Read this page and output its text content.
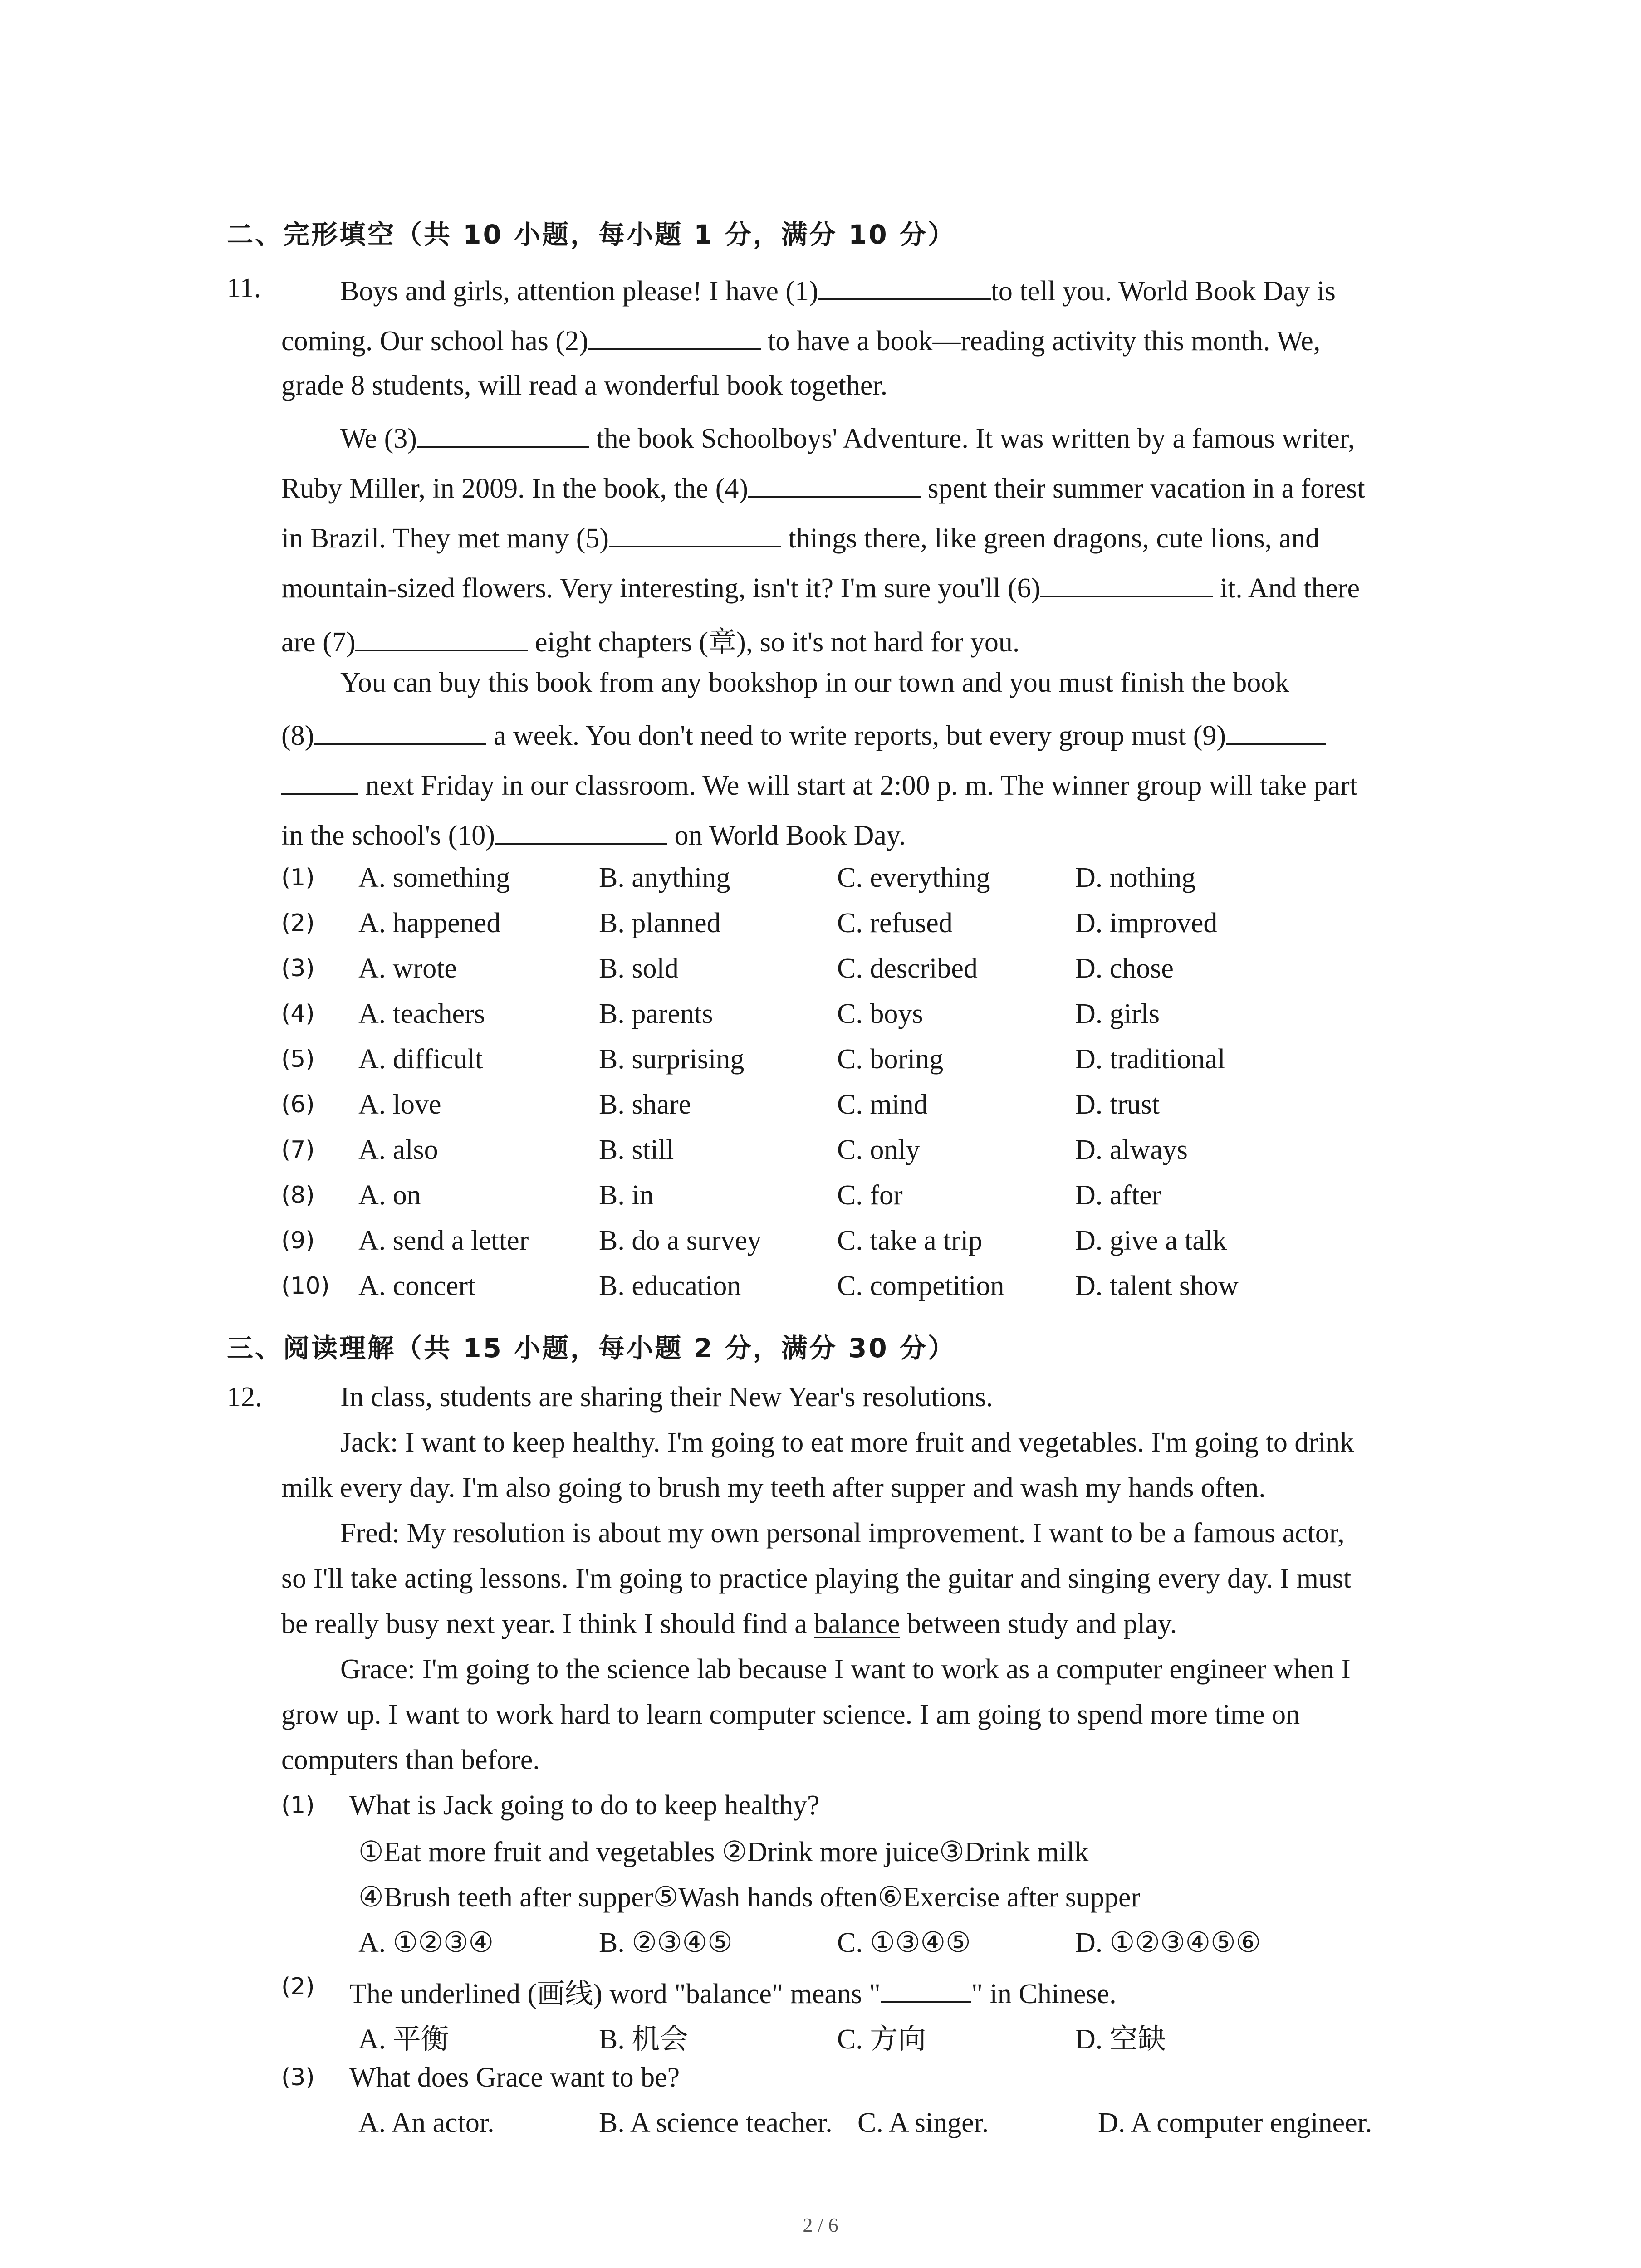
二、完形填空（共 10 小题，每小题 1 分，满分 10 分）
11.	Boys and girls, attention please! I have (1)	to tell you. World Book Day is
coming. Our school has (2)	to have a book—reading activity this month. We,
grade 8 students, will read a wonderful book together.
We (3)	the book Schoolboys' Adventure. It was written by a famous writer,
Ruby Miller, in 2009. In the book, the (4)	spent their summer vacation in a forest
in Brazil. They met many (5)	things there, like green dragons, cute lions, and
mountain-sized flowers. Very interesting, isn't it? I'm sure you'll (6)	it. And there
are (7)	eight chapters (章), so it's not hard for you.
You can buy this book from any bookshop in our town and you must finish the book
(8)	a week. You don't need to write reports, but every group must (9)
next Friday in our classroom. We will start at 2:00 p. m. The winner group will take part
in the school's (10)	on World Book Day.
(1) A. something	B. anything	C. everything	D. nothing
(2) A. happened	B. planned	C. refused	D. improved
(3) A. wrote	B. sold	C. described	D. chose
(4) A. teachers	B. parents	C. boys	D. girls
(5) A. difficult	B. surprising	C. boring	D. traditional
(6) A. love	B. share	C. mind	D. trust
(7) A. also	B. still	C. only	D. always
(8) A. on	B. in	C. for	D. after
(9) A. send a letter B. do a survey	C. take a trip	D. give a talk
(10) A. concert	B. education	C. competition	D. talent show
三、阅读理解（共 15 小题，每小题 2 分，满分 30 分）
12.	In class, students are sharing their New Year's resolutions.
Jack: I want to keep healthy. I'm going to eat more fruit and vegetables. I'm going to drink
milk every day. I'm also going to brush my teeth after supper and wash my hands often.
Fred: My resolution is about my own personal improvement. I want to be a famous actor,
so I'll take acting lessons. I'm going to practice playing the guitar and singing every day. I must
be really busy next year. I think I should find a balance between study and play.
Grace: I'm going to the science lab because I want to work as a computer engineer when I
grow up. I want to work hard to learn computer science. I am going to spend more time on
computers than before.
(1) What is Jack going to do to keep healthy?
①Eat more fruit and vegetables ②Drink more juice③Drink milk
④Brush teeth after supper⑤Wash hands often⑥Exercise after supper
A. ①②③④	B. ②③④⑤	C. ①③④⑤	D. ①②③④⑤⑥
(2) The underlined (画线) word "balance" means "	" in Chinese.
A. 平衡	B. 机会	C. 方向	D. 空缺
(3) What does Grace want to be?
A. An actor.	B. A science teacher. C. A singer.	D. A computer engineer.
2 / 6
